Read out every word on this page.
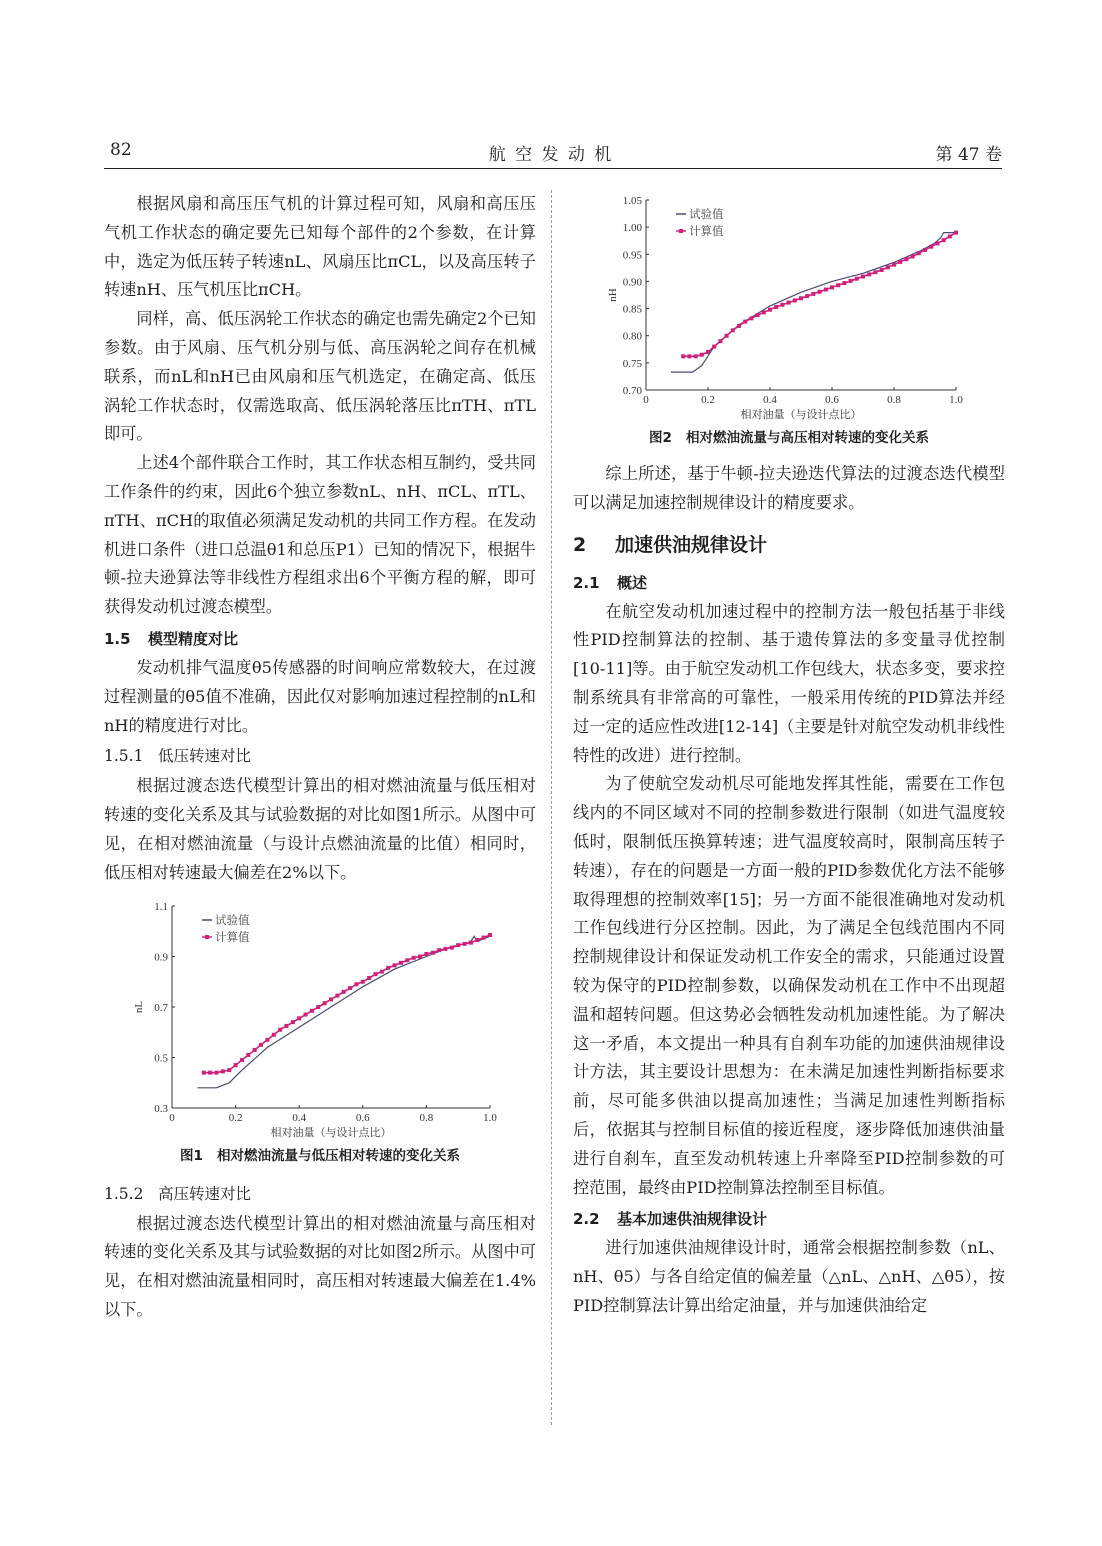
82	航 空 发 动 机	第 47 卷

根据风扇和高压压气机的计算过程可知，风扇和高压压气机工作状态的确定要先已知每个部件的2个参数，在计算中，选定为低压转子转速nL、风扇压比πCL，以及高压转子转速nH、压气机压比πCH。

同样，高、低压涡轮工作状态的确定也需先确定2个已知参数。由于风扇、压气机分别与低、高压涡轮之间存在机械联系，而nL和nH已由风扇和压气机选定，在确定高、低压涡轮工作状态时，仅需选取高、低压涡轮落压比πTH、πTL即可。

上述4个部件联合工作时，其工作状态相互制约，受共同工作条件的约束，因此6个独立参数nL、nH、πCL、πTL、πTH、πCH的取值必须满足发动机的共同工作方程。在发动机进口条件（进口总温θ1和总压P1）已知的情况下，根据牛顿-拉夫逊算法等非线性方程组求出6个平衡方程的解，即可获得发动机过渡态模型。

1.5 模型精度对比

发动机排气温度θ5传感器的时间响应常数较大，在过渡过程测量的θ5值不准确，因此仅对影响加速过程控制的nL和nH的精度进行对比。

1.5.1 低压转速对比

根据过渡态迭代模型计算出的相对燃油流量与低压相对转速的变化关系及其与试验数据的对比如图1所示。从图中可见，在相对燃油流量（与设计点燃油流量的比值）相同时，低压相对转速最大偏差在2%以下。

0	0.2	0.4	0.6	0.8	1.0
0.3
0.5
0.7
0.9
1.1
相对油量（与设计点比）
nL
试验值
计算值
图1 相对燃油流量与低压相对转速的变化关系
1.5.2 高压转速对比

根据过渡态迭代模型计算出的相对燃油流量与高压相对转速的变化关系及其与试验数据的对比如图2所示。从图中可见，在相对燃油流量相同时，高压相对转速最大偏差在1.4%以下。

0	0.2	0.4	0.6	0.8	1.0
0.70
0.75
0.80
0.85
0.90
0.95
1.00
1.05
相对油量（与设计点比）
nH
试验值
计算值
图2 相对燃油流量与高压相对转速的变化关系

综上所述，基于牛顿-拉夫逊迭代算法的过渡态迭代模型可以满足加速控制规律设计的精度要求。

2 加速供油规律设计
2.1 概述

在航空发动机加速过程中的控制方法一般包括基于非线性PID控制算法的控制、基于遗传算法的多变量寻优控制[10-11]等。由于航空发动机工作包线大，状态多变，要求控制系统具有非常高的可靠性，一般采用传统的PID算法并经过一定的适应性改进[12-14]（主要是针对航空发动机非线性特性的改进）进行控制。

为了使航空发动机尽可能地发挥其性能，需要在工作包线内的不同区域对不同的控制参数进行限制（如进气温度较低时，限制低压换算转速；进气温度较高时，限制高压转子转速），存在的问题是一方面一般的PID参数优化方法不能够取得理想的控制效率[15]；另一方面不能很准确地对发动机工作包线进行分区控制。因此，为了满足全包线范围内不同控制规律设计和保证发动机工作安全的需求，只能通过设置较为保守的PID控制参数，以确保发动机在工作中不出现超温和超转问题。但这势必会牺牲发动机加速性能。为了解决这一矛盾，本文提出一种具有自刹车功能的加速供油规律设计方法，其主要设计思想为：在未满足加速性判断指标要求前，尽可能多供油以提高加速性；当满足加速性判断指标后，依据其与控制目标值的接近程度，逐步降低加速供油量进行自刹车，直至发动机转速上升率降至PID控制参数的可控范围，最终由PID控制算法控制至目标值。

2.2 基本加速供油规律设计

进行加速供油规律设计时，通常会根据控制参数（nL、nH、θ5）与各自给定值的偏差量（△nL、△nH、△θ5），按PID控制算法计算出给定油量，并与加速供油给定
